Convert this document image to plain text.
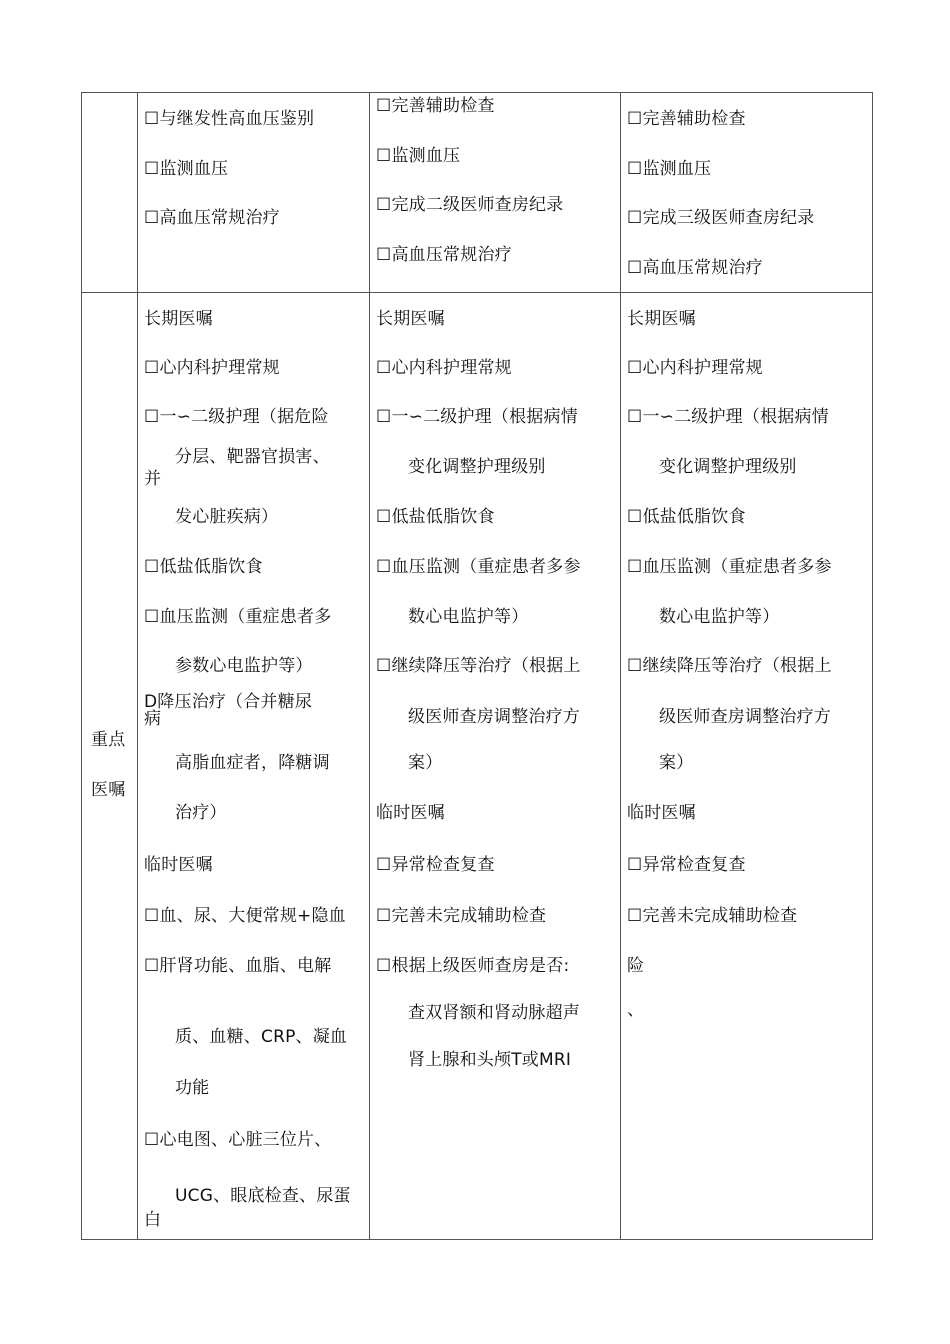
☐与继发性高血压鉴别
☐监测血压
☐高血压常规治疗
☐完善辅助检查
☐监测血压
☐完成二级医师查房纪录
☐高血压常规治疗
☐完善辅助检查
☐监测血压
☐完成三级医师查房纪录
☐高血压常规治疗
重点
医嘱
长期医嘱
☐心内科护理常规
☐一∽二级护理（据危险
分层、靶器官损害、
并
发心脏疾病）
☐低盐低脂饮食
☐血压监测（重症患者多
参数心电监护等）
D降压治疗（合并糖尿
病
高脂血症者，降糖调
治疗）
临时医嘱
☐血、尿、大便常规+隐血
☐肝肾功能、血脂、电解
质、血糖、CRP、凝血
功能
☐心电图、心脏三位片、
UCG、眼底检查、尿蛋
白
长期医嘱
☐心内科护理常规
☐一∽二级护理（根据病情
变化调整护理级别
☐低盐低脂饮食
☐血压监测（重症患者多参
数心电监护等）
☐继续降压等治疗（根据上
级医师查房调整治疗方
案）
临时医嘱
☐异常检查复查
☐完善未完成辅助检查
☐根据上级医师查房是否:
查双肾额和肾动脉超声
肾上腺和头颅T或MRI
长期医嘱
☐心内科护理常规
☐一∽二级护理（根据病情
变化调整护理级别
☐低盐低脂饮食
☐血压监测（重症患者多参
数心电监护等）
☐继续降压等治疗（根据上
级医师查房调整治疗方
案）
临时医嘱
☐异常检查复查
☐完善未完成辅助检查
险
、
